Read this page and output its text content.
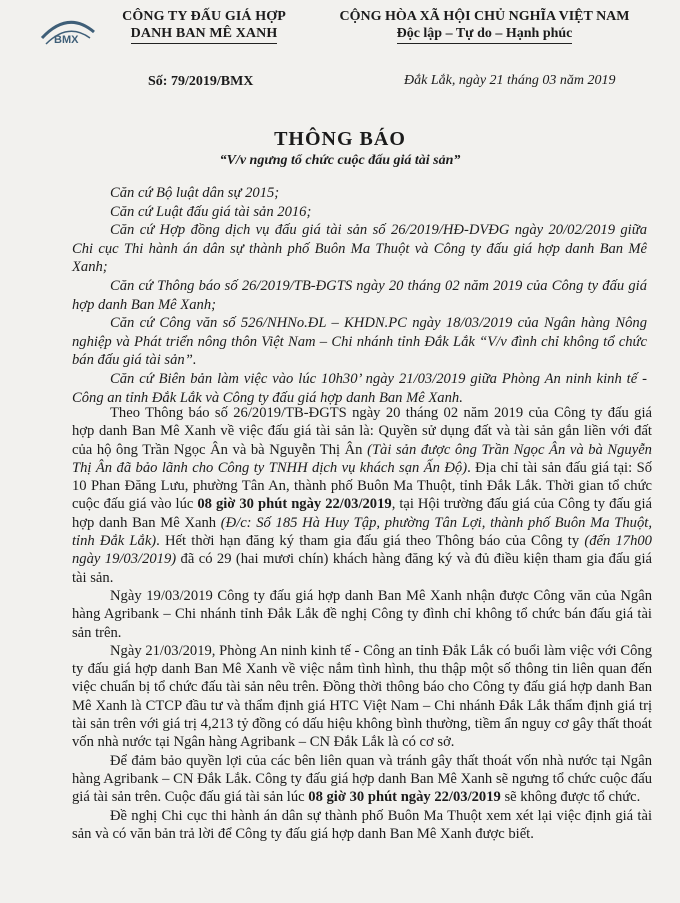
BMX
CÔNG TY ĐẤU GIÁ HỢP
DANH BAN MÊ XANH
CỘNG HÒA XÃ HỘI CHỦ NGHĨA VIỆT NAM
Độc lập – Tự do – Hạnh phúc
Số: 79/2019/BMX	Đắk Lắk, ngày 21 tháng 03 năm 2019
THÔNG BÁO
“V/v ngưng tổ chức cuộc đấu giá tài sản”

Căn cứ Bộ luật dân sự 2015;

Căn cứ Luật đấu giá tài sản 2016;

Căn cứ Hợp đồng dịch vụ đấu giá tài sản số 26/2019/HĐ-DVĐG ngày 20/02/2019 giữa Chi cục Thi hành án dân sự thành phố Buôn Ma Thuột và Công ty đấu giá hợp danh Ban Mê Xanh;

Căn cứ Thông báo số 26/2019/TB-ĐGTS ngày 20 tháng 02 năm 2019 của Công ty đấu giá hợp danh Ban Mê Xanh;

Căn cứ Công văn số 526/NHNo.ĐL – KHDN.PC ngày 18/03/2019 của Ngân hàng Nông nghiệp và Phát triển nông thôn Việt Nam – Chi nhánh tỉnh Đắk Lắk “V/v đình chỉ không tổ chức bán đấu giá tài sản”.

Căn cứ Biên bản làm việc vào lúc 10h30’ ngày 21/03/2019 giữa Phòng An ninh kinh tế - Công an tỉnh Đắk Lắk và Công ty đấu giá hợp danh Ban Mê Xanh.

Theo Thông báo số 26/2019/TB-ĐGTS ngày 20 tháng 02 năm 2019 của Công ty đấu giá hợp danh Ban Mê Xanh về việc đấu giá tài sản là: Quyền sử dụng đất và tài sản gắn liền với đất của hộ ông Trần Ngọc Ân và bà Nguyễn Thị Ân (Tài sản được ông Trần Ngọc Ân và bà Nguyễn Thị Ân đã bảo lãnh cho Công ty TNHH dịch vụ khách sạn Ấn Độ). Địa chỉ tài sản đấu giá tại: Số 10 Phan Đăng Lưu, phường Tân An, thành phố Buôn Ma Thuột, tỉnh Đắk Lắk. Thời gian tổ chức cuộc đấu giá vào lúc 08 giờ 30 phút ngày 22/03/2019, tại Hội trường đấu giá của Công ty đấu giá hợp danh Ban Mê Xanh (Đ/c: Số 185 Hà Huy Tập, phường Tân Lợi, thành phố Buôn Ma Thuột, tỉnh Đắk Lắk). Hết thời hạn đăng ký tham gia đấu giá theo Thông báo của Công ty (đến 17h00 ngày 19/03/2019) đã có 29 (hai mươi chín) khách hàng đăng ký và đủ điều kiện tham gia đấu giá tài sản.

Ngày 19/03/2019 Công ty đấu giá hợp danh Ban Mê Xanh nhận được Công văn của Ngân hàng Agribank – Chi nhánh tỉnh Đắk Lắk đề nghị Công ty đình chỉ không tổ chức bán đấu giá tài sản trên.

Ngày 21/03/2019, Phòng An ninh kinh tế - Công an tỉnh Đắk Lắk có buổi làm việc với Công ty đấu giá hợp danh Ban Mê Xanh về việc nắm tình hình, thu thập một số thông tin liên quan đến việc chuẩn bị tổ chức đấu tài sản nêu trên. Đồng thời thông báo cho Công ty đấu giá hợp danh Ban Mê Xanh là CTCP đầu tư và thẩm định giá HTC Việt Nam – Chi nhánh Đắk Lắk thẩm định giá trị tài sản trên với giá trị 4,213 tỷ đồng có dấu hiệu không bình thường, tiềm ẩn nguy cơ gây thất thoát vốn nhà nước tại Ngân hàng Agribank – CN Đắk Lắk là có cơ sở.

Để đảm bảo quyền lợi của các bên liên quan và tránh gây thất thoát vốn nhà nước tại Ngân hàng Agribank – CN Đắk Lắk. Công ty đấu giá hợp danh Ban Mê Xanh sẽ ngưng tổ chức cuộc đấu giá tài sản trên. Cuộc đấu giá tài sản lúc 08 giờ 30 phút ngày 22/03/2019 sẽ không được tổ chức.

Đề nghị Chi cục thi hành án dân sự thành phố Buôn Ma Thuột xem xét lại việc định giá tài sản và có văn bản trả lời để Công ty đấu giá hợp danh Ban Mê Xanh được biết.
